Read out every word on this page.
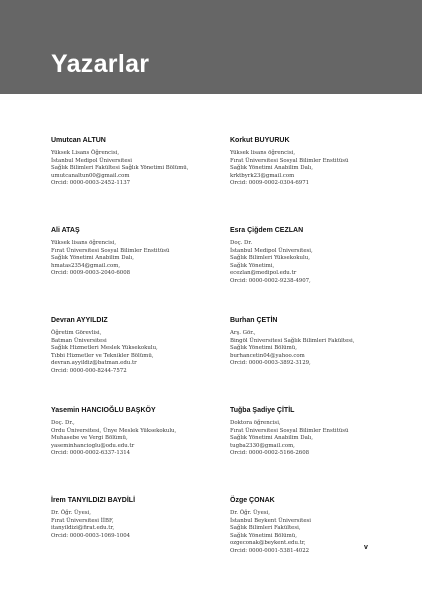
Yazarlar
Umutcan ALTUN
Yüksek Lisans Öğrencisi,
İstanbul Medipol Üniversitesi
Sağlık Bilimleri Fakültesi Sağlık Yönetimi Bölümü,
umutcanaltun00@gmail.com
Orcid: 0000-0003-2452-1137
Ali ATAŞ
Yüksek lisans öğrencisi,
Fırat Üniversitesi Sosyal Bilimler Enstitüsü
Sağlık Yönetimi Anabilim Dalı,
hmatas2354@gmail.com,
Orcid: 0009-0003-2040-6008
Devran AYYILDIZ
Öğretim Görevlisi,
Batman Üniversitesi
Sağlık Hizmetleri Meslek Yüksekokulu,
Tıbbi Hizmetler ve Teknikler Bölümü,
devran.ayyildiz@batman.edu.tr
Orcid: 0000-000-8244-7572
Yasemin HANCIOĞLU BAŞKÖY
Doç. Dr.,
Ordu Üniversitesi, Ünye Meslek Yüksekokulu,
Muhasebe ve Vergi Bölümü,
yaseminhancioglu@odu.edu.tr
Orcid: 0000-0002-6337-1314
İrem TANYILDIZI BAYDİLİ
Dr. Öğr. Üyesi,
Fırat Üniversitesi İİBF,
itanyildizi@firat.edu.tr,
Orcid: 0000-0003-1069-1004
Korkut BUYURUK
Yüksek lisans öğrencisi,
Fırat Üniversitesi Sosyal Bilimler Enstitüsü
Sağlık Yönetimi Anabilim Dalı,
krktbyrk23@gmail.com
Orcid: 0009-0002-0304-6971
Esra Çiğdem CEZLAN
Doç. Dr.
İstanbul Medipol Üniversitesi,
Sağlık Bilimleri Yüksekokulu,
Sağlık Yönetimi,
ecezlan@medipol.edu.tr
Orcid: 0000-0002-9238-4907,
Burhan ÇETİN
Arş. Gör.,
Bingöl Üniversitesi Sağlık Bilimleri Fakültesi,
Sağlık Yönetimi Bölümü,
burhancetin04@yahoo.com
Orcid: 0000-0003-3892-3129,
Tuğba Şadiye ÇİTİL
Doktora öğrencisi,
Fırat Üniversitesi Sosyal Bilimler Enstitüsü
Sağlık Yönetimi Anabilim Dalı,
tugba2330@gmail.com,
Orcid: 0000-0002-5166-2608
Özge ÇONAK
Dr. Öğr. Üyesi,
İstanbul Beykent Üniversitesi
Sağlık Bilimleri Fakültesi,
Sağlık Yönetimi Bölümü,
ozgeconak@beykent.edu.tr,
Orcid: 0000-0001-5381-4022	v
